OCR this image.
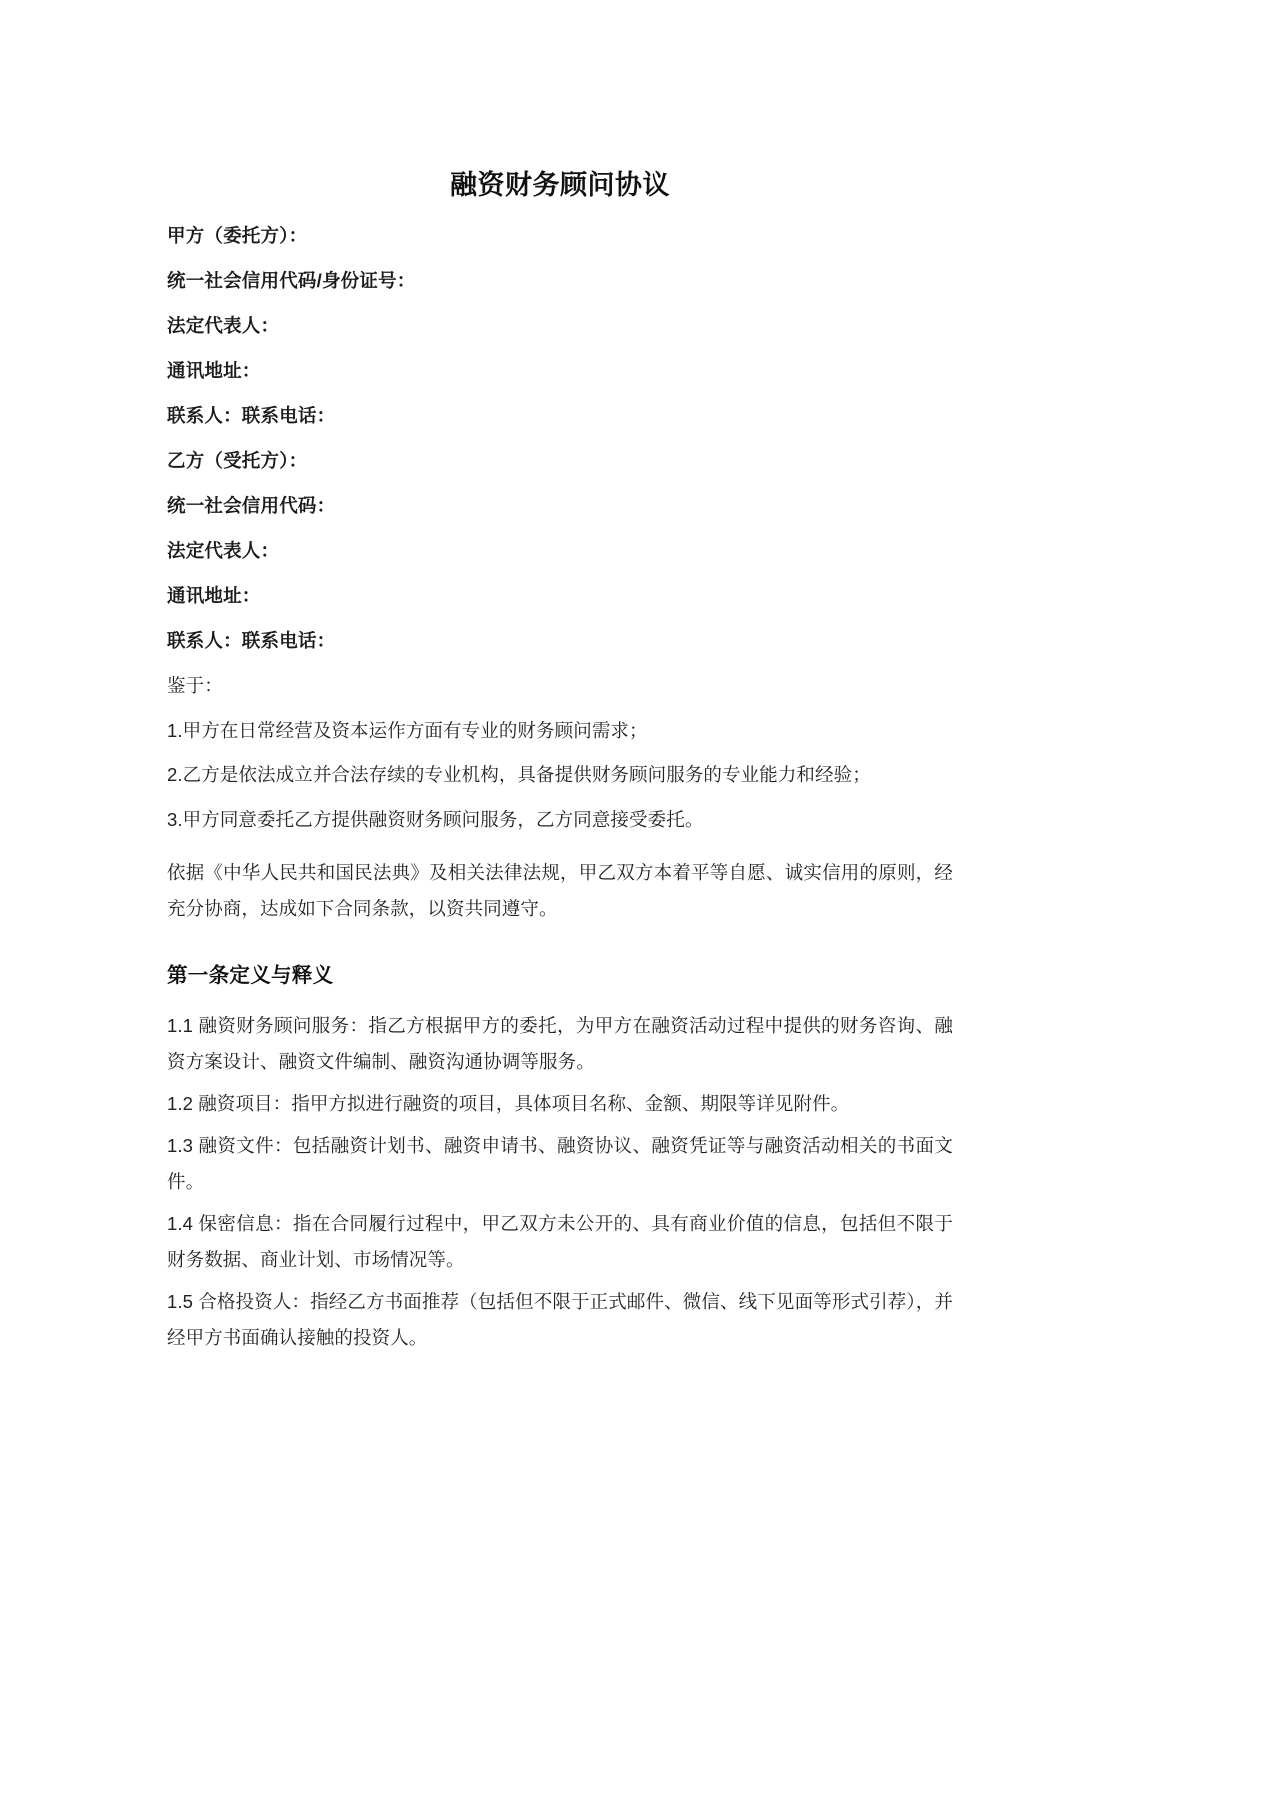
融资财务顾问协议

甲方（委托方）：

统一社会信用代码/身份证号：

法定代表人：

通讯地址：

联系人：联系电话：

乙方（受托方）：

统一社会信用代码：

法定代表人：

通讯地址：

联系人：联系电话：

鉴于：

1.甲方在日常经营及资本运作方面有专业的财务顾问需求；

2.乙方是依法成立并合法存续的专业机构，具备提供财务顾问服务的专业能力和经验；

3.甲方同意委托乙方提供融资财务顾问服务，乙方同意接受委托。

依据《中华人民共和国民法典》及相关法律法规，甲乙双方本着平等自愿、诚实信用的原则，经充分协商，达成如下合同条款，以资共同遵守。

第一条定义与释义

1.1 融资财务顾问服务：指乙方根据甲方的委托，为甲方在融资活动过程中提供的财务咨询、融资方案设计、融资文件编制、融资沟通协调等服务。

1.2 融资项目：指甲方拟进行融资的项目，具体项目名称、金额、期限等详见附件。

1.3 融资文件：包括融资计划书、融资申请书、融资协议、融资凭证等与融资活动相关的书面文件。

1.4 保密信息：指在合同履行过程中，甲乙双方未公开的、具有商业价值的信息，包括但不限于财务数据、商业计划、市场情况等。

1.5 合格投资人：指经乙方书面推荐（包括但不限于正式邮件、微信、线下见面等形式引荐），并经甲方书面确认接触的投资人。
